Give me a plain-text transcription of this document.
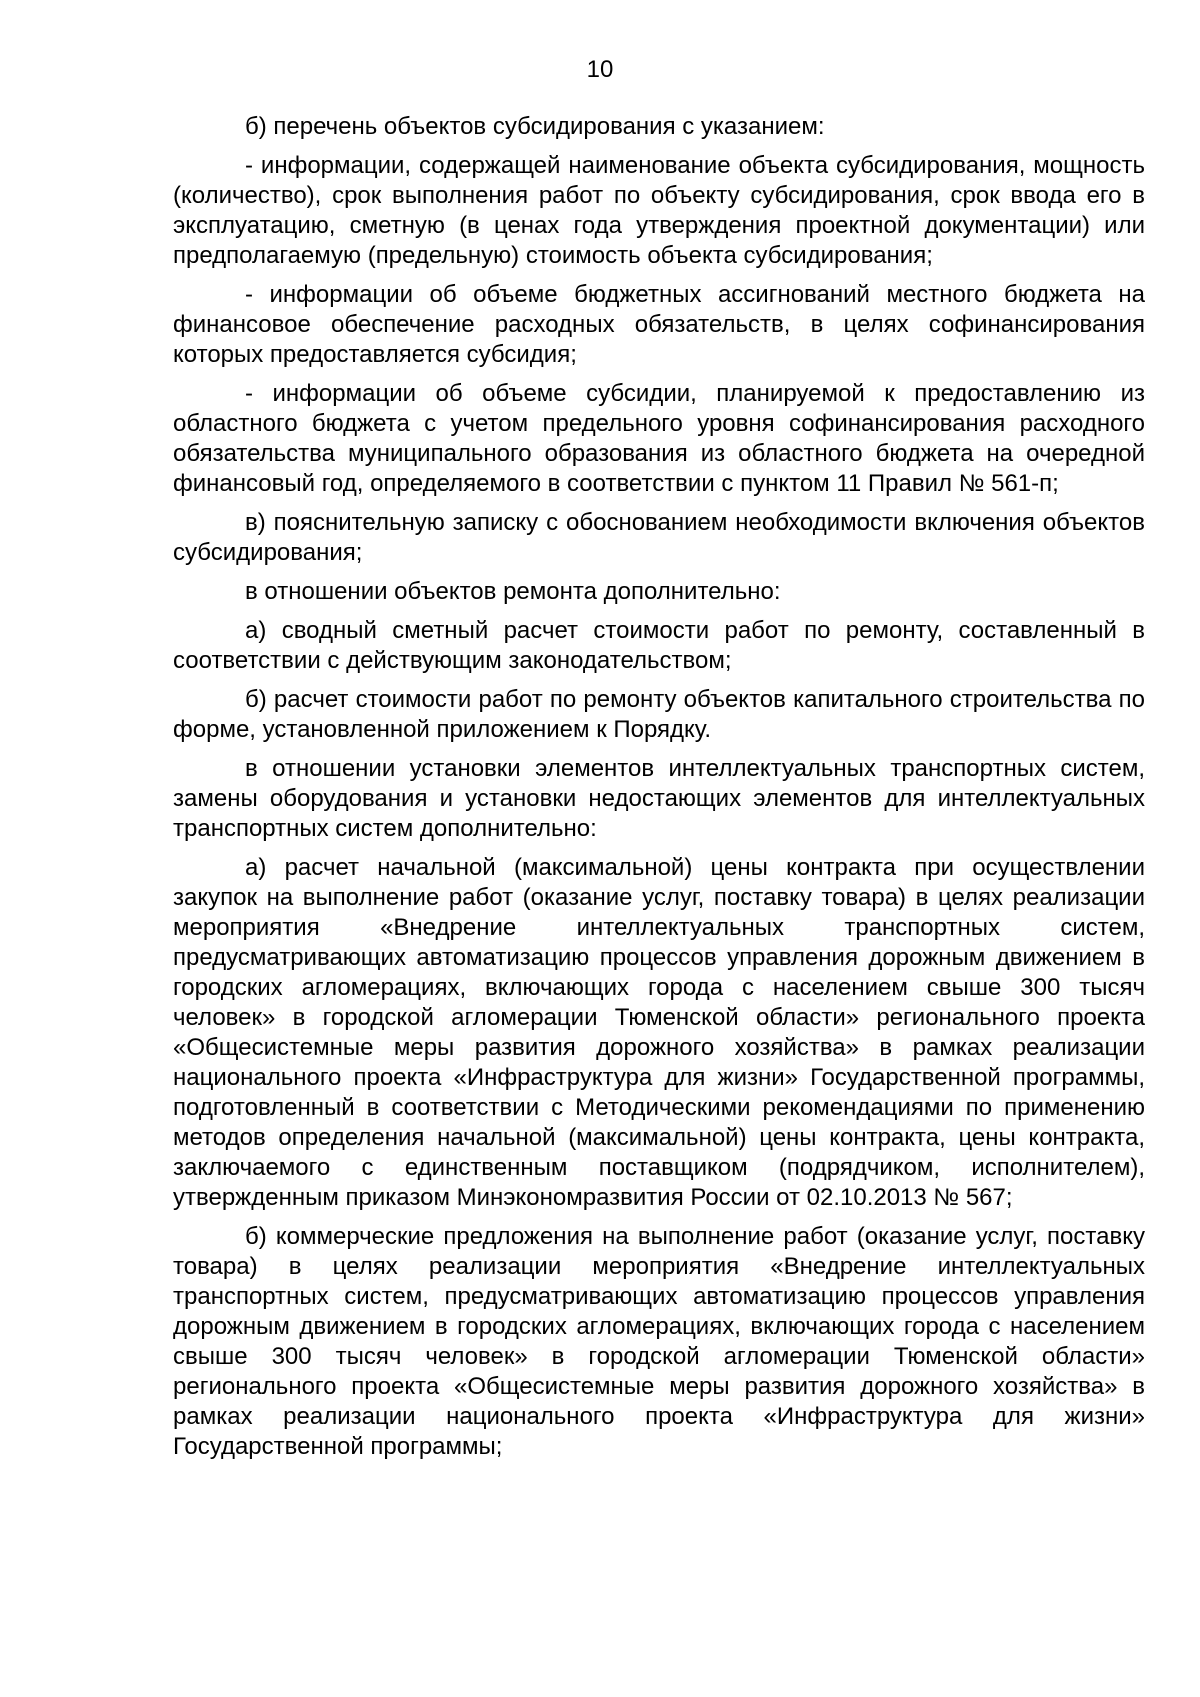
10

б) перечень объектов субсидирования с указанием:

- информации, содержащей наименование объекта субсидирования, мощность (количество), срок выполнения работ по объекту субсидирования, срок ввода его в эксплуатацию, сметную (в ценах года утверждения проектной документации) или предполагаемую (предельную) стоимость объекта субсидирования;

- информации об объеме бюджетных ассигнований местного бюджета на финансовое обеспечение расходных обязательств, в целях софинансирования которых предоставляется субсидия;

- информации об объеме субсидии, планируемой к предоставлению из областного бюджета с учетом предельного уровня софинансирования расходного обязательства муниципального образования из областного бюджета на очередной финансовый год, определяемого в соответствии с пунктом 11 Правил № 561-п;

в) пояснительную записку с обоснованием необходимости включения объектов субсидирования;

в отношении объектов ремонта дополнительно:

а) сводный сметный расчет стоимости работ по ремонту, составленный в соответствии с действующим законодательством;

б) расчет стоимости работ по ремонту объектов капитального строительства по форме, установленной приложением к Порядку.

в отношении установки элементов интеллектуальных транспортных систем, замены оборудования и установки недостающих элементов для интеллектуальных транспортных систем дополнительно:

а) расчет начальной (максимальной) цены контракта при осуществлении закупок на выполнение работ (оказание услуг, поставку товара) в целях реализации мероприятия «Внедрение интеллектуальных транспортных систем, предусматривающих автоматизацию процессов управления дорожным движением в городских агломерациях, включающих города с населением свыше 300 тысяч человек» в городской агломерации Тюменской области» регионального проекта «Общесистемные меры развития дорожного хозяйства» в рамках реализации национального проекта «Инфраструктура для жизни» Государственной программы, подготовленный в соответствии с Методическими рекомендациями по применению методов определения начальной (максимальной) цены контракта, цены контракта, заключаемого с единственным поставщиком (подрядчиком, исполнителем), утвержденным приказом Минэкономразвития России от 02.10.2013 № 567;

б) коммерческие предложения на выполнение работ (оказание услуг, поставку товара) в целях реализации мероприятия «Внедрение интеллектуальных транспортных систем, предусматривающих автоматизацию процессов управления дорожным движением в городских агломерациях, включающих города с населением свыше 300 тысяч человек» в городской агломерации Тюменской области» регионального проекта «Общесистемные меры развития дорожного хозяйства» в рамках реализации национального проекта «Инфраструктура для жизни» Государственной программы;
